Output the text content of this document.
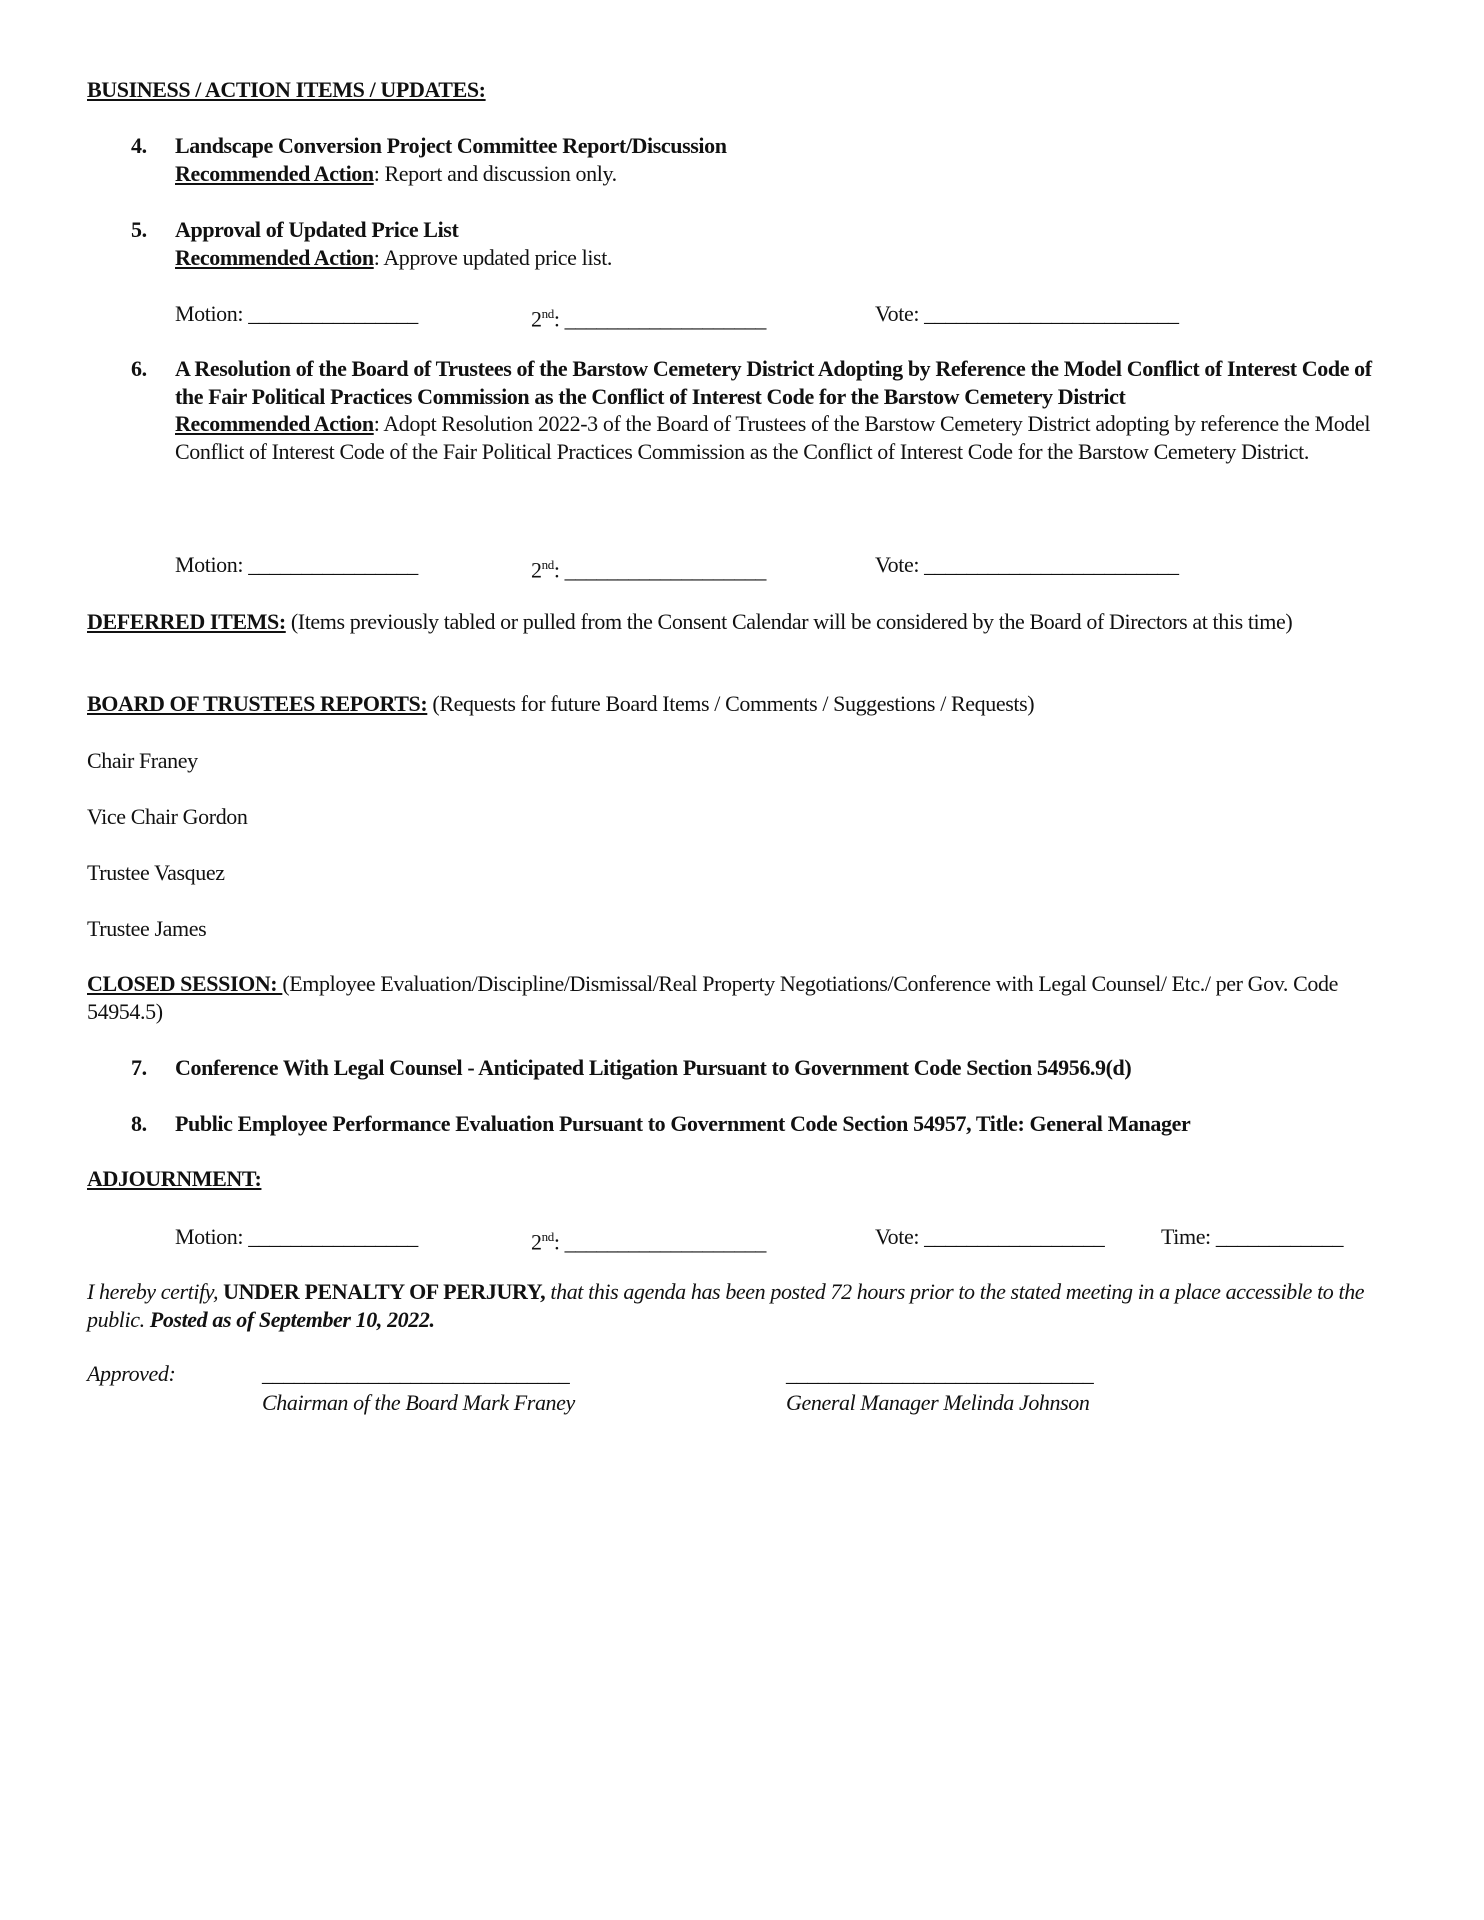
BUSINESS / ACTION ITEMS / UPDATES:
4. Landscape Conversion Project Committee Report/Discussion
Recommended Action: Report and discussion only.
5. Approval of Updated Price List
Recommended Action: Approve updated price list.
Motion: ________________	2nd: ___________________	Vote: ________________________
6. A Resolution of the Board of Trustees of the Barstow Cemetery District Adopting by Reference the Model Conflict of Interest Code of the Fair Political Practices Commission as the Conflict of Interest Code for the Barstow Cemetery District
Recommended Action: Adopt Resolution 2022-3 of the Board of Trustees of the Barstow Cemetery District adopting by reference the Model Conflict of Interest Code of the Fair Political Practices Commission as the Conflict of Interest Code for the Barstow Cemetery District.
Motion: ________________	2nd: ___________________	Vote: ________________________
DEFERRED ITEMS: (Items previously tabled or pulled from the Consent Calendar will be considered by the Board of Directors at this time)
BOARD OF TRUSTEES REPORTS: (Requests for future Board Items / Comments / Suggestions / Requests)
Chair Franey
Vice Chair Gordon
Trustee Vasquez
Trustee James
CLOSED SESSION: (Employee Evaluation/Discipline/Dismissal/Real Property Negotiations/Conference with Legal Counsel/ Etc./ per Gov. Code 54954.5)
7. Conference With Legal Counsel - Anticipated Litigation Pursuant to Government Code Section 54956.9(d)
8. Public Employee Performance Evaluation Pursuant to Government Code Section 54957, Title: General Manager
ADJOURNMENT:
Motion: ________________	2nd: ___________________	Vote: _________________	Time: ____________
I hereby certify, UNDER PENALTY OF PERJURY, that this agenda has been posted 72 hours prior to the stated meeting in a place accessible to the public. Posted as of September 10, 2022.
Approved:	_____________________________	_____________________________
Chairman of the Board Mark Franey	General Manager Melinda Johnson
